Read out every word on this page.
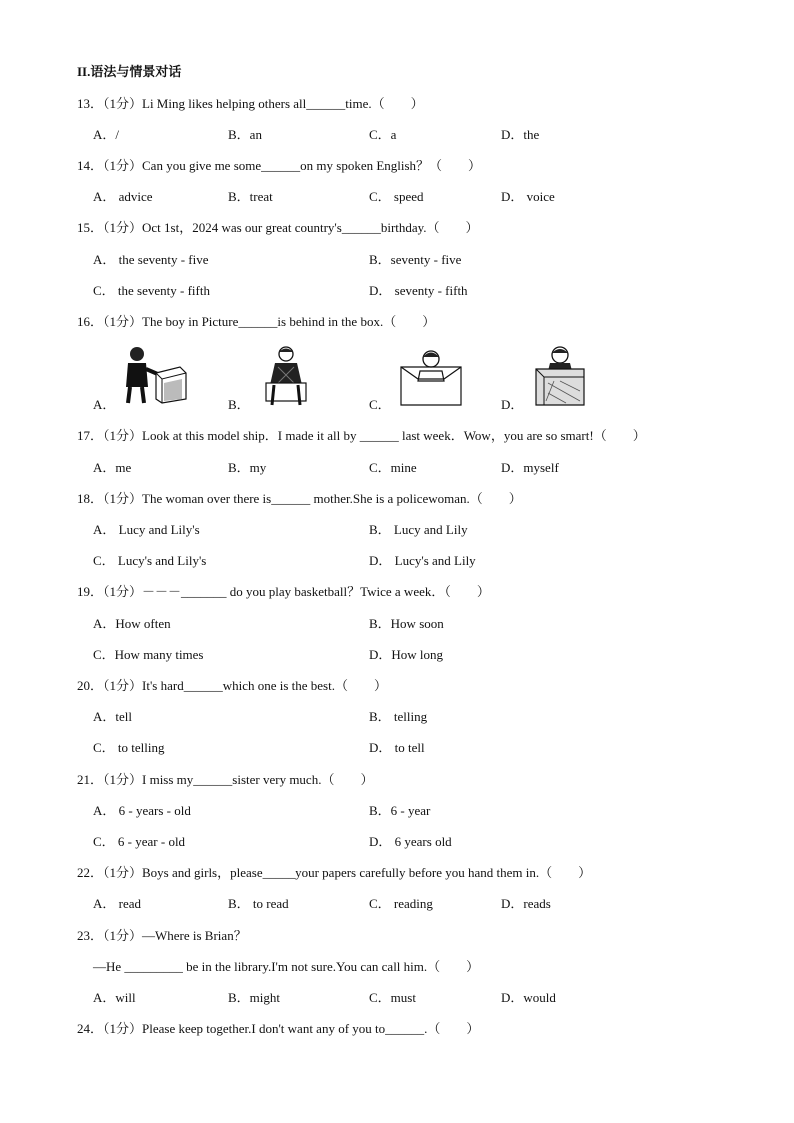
II.语法与情景对话
13．（1分）Li Ming likes helping others all______time.（　　）
A．/	B．an	C．a	D．the
14．（1分）Can you give me some______on my spoken English？（　　）
A． advice	B．treat	C． speed	D． voice
15．（1分）Oct 1st，2024 was our great country's______birthday.（　　）
A． the seventy - five	B．seventy - five
C． the seventy - fifth	D． seventy - fifth
16．（1分）The boy in Picture______is behind in the box.（　　）
A．	B．	C．	D．
17．（1分）Look at this model ship．I made it all by ______ last week．Wow，you are so smart!（　　）
A．me	B．my	C．mine	D．myself
18．（1分）The woman over there is______ mother.She is a policewoman.（　　）
A． Lucy and Lily's	B． Lucy and Lily
C． Lucy's and Lily's	D． Lucy's and Lily
19．（1分）－－－_______ do you play basketball？Twice a week．（　　）
A．How often	B．How soon
C．How many times	D．How long
20．（1分）It's hard______which one is the best.（　　）
A．tell	B． telling
C． to telling	D． to tell
21．（1分）I miss my______sister very much.（　　）
A． 6 - years - old	B．6 - year
C． 6 - year - old	D． 6 years old
22．（1分）Boys and girls，please_____your papers carefully before you hand them in.（　　）
A． read	B． to read	C． reading	D．reads
23．（1分）—Where is Brian？
—He _________ be in the library.I'm not sure.You can call him.（　　）
A．will	B．might	C．must	D．would
24．（1分）Please keep together.I don't want any of you to______.（　　）
